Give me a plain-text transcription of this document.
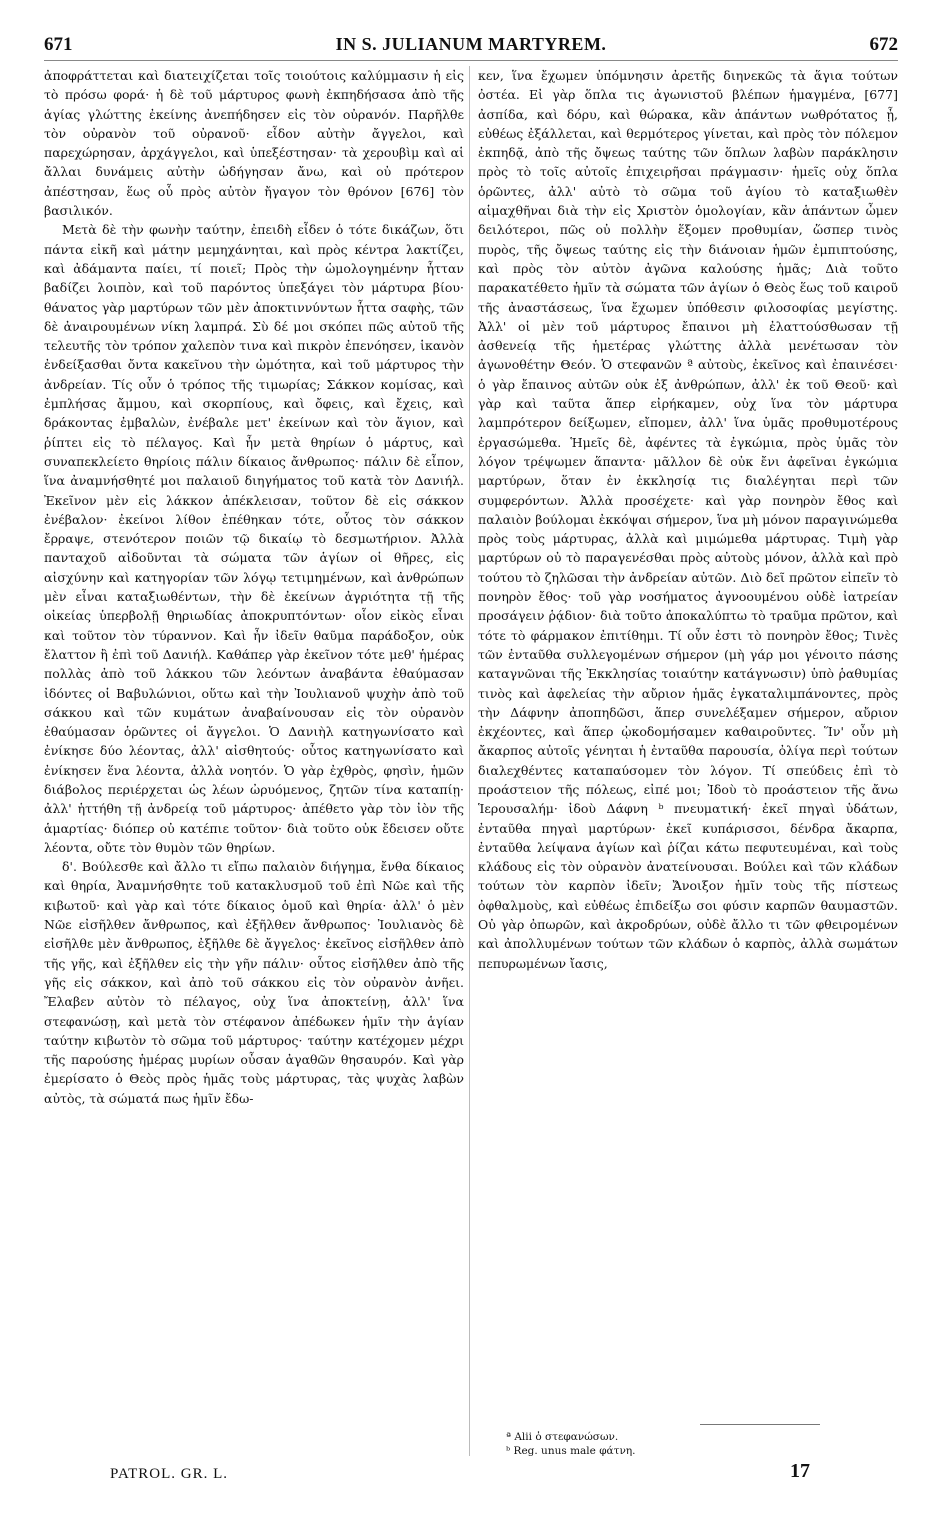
671	IN S. JULIANUM MARTYREM.	672

ἀποφράττεται καὶ διατειχίζεται τοῖς τοιούτοις καλύμμασιν ἡ εἰς τὸ πρόσω φορά· ἡ δὲ τοῦ μάρτυρος φωνὴ ἐκπηδήσασα ἀπὸ τῆς ἁγίας γλώττης ἐκείνης ἀνεπήδησεν εἰς τὸν οὐρανόν. Παρῆλθε τὸν οὐρανὸν τοῦ οὐρανοῦ· εἶδον αὐτὴν ἄγγελοι, καὶ παρεχώρησαν, ἀρχάγγελοι, καὶ ὑπεξέστησαν· τὰ χερουβὶμ καὶ αἱ ἄλλαι δυνάμεις αὐτὴν ὠδήγησαν ἄνω, καὶ οὐ πρότερον ἀπέστησαν, ἕως οὗ πρὸς αὐτὸν ἤγαγον τὸν θρόνον [676] τὸν βασιλικόν.

Μετὰ δὲ τὴν φωνὴν ταύτην, ἐπειδὴ εἶδεν ὁ τότε δικάζων, ὅτι πάντα εἰκῆ καὶ μάτην μεμηχάνηται, καὶ πρὸς κέντρα λακτίζει, καὶ ἀδάμαντα παίει, τί ποιεῖ; Πρὸς τὴν ὡμολογημένην ἧτταν βαδίζει λοιπὸν, καὶ τοῦ παρόντος ὑπεξάγει τὸν μάρτυρα βίου· θάνατος γὰρ μαρτύρων τῶν μὲν ἀποκτιννύντων ἧττα σαφὴς, τῶν δὲ ἀναιρουμένων νίκη λαμπρά. Σὺ δέ μοι σκόπει πῶς αὐτοῦ τῆς τελευτῆς τὸν τρόπον χαλεπὸν τινα καὶ πικρὸν ἐπενόησεν, ἱκανὸν ἐνδείξασθαι ὄντα κακεῖνου τὴν ὠμότητα, καὶ τοῦ μάρτυρος τὴν ἀνδρείαν. Τίς οὖν ὁ τρόπος τῆς τιμωρίας; Σάκκον κομίσας, καὶ ἐμπλήσας ἄμμου, καὶ σκορπίους, καὶ ὄφεις, καὶ ἔχεις, καὶ δράκοντας ἐμβαλὼν, ἐνέβαλε μετ' ἐκείνων καὶ τὸν ἅγιον, καὶ ῥίπτει εἰς τὸ πέλαγος. Καὶ ἦν μετὰ θηρίων ὁ μάρτυς, καὶ συναπεκλείετο θηρίοις πάλιν δίκαιος ἄνθρωπος· πάλιν δὲ εἶπον, ἵνα ἀναμνήσθητέ μοι παλαιοῦ διηγήματος τοῦ κατὰ τὸν Δανιήλ. Ἐκεῖνον μὲν εἰς λάκκον ἀπέκλεισαν, τοῦτον δὲ εἰς σάκκον ἐνέβαλον· ἐκείνοι λίθον ἐπέθηκαν τότε, οὗτος τὸν σάκκον ἔρραψε, στενότερον ποιῶν τῷ δικαίῳ τὸ δεσμωτήριον. Ἀλλὰ πανταχοῦ αἰδοῦνται τὰ σώματα τῶν ἁγίων οἱ θῆρες, εἰς αἰσχύνην καὶ κατηγορίαν τῶν λόγῳ τετιμημένων, καὶ ἀνθρώπων μὲν εἶναι καταξιωθέντων, τὴν δὲ ἐκείνων ἀγριότητα τῇ τῆς οἰκείας ὑπερβολῇ θηριωδίας ἀποκρυπτόντων· οἷον εἰκὸς εἶναι καὶ τοῦτον τὸν τύραννον. Καὶ ἦν ἰδεῖν θαῦμα παράδοξον, οὐκ ἔλαττον ἢ ἐπὶ τοῦ Δανιήλ. Καθάπερ γὰρ ἐκεῖνον τότε μεθ' ἡμέρας πολλὰς ἀπὸ τοῦ λάκκου τῶν λεόντων ἀναβάντα ἐθαύμασαν ἰδόντες οἱ Βαβυλώνιοι, οὕτω καὶ τὴν Ἰουλιανοῦ ψυχὴν ἀπὸ τοῦ σάκκου καὶ τῶν κυμάτων ἀναβαίνουσαν εἰς τὸν οὐρανὸν ἐθαύμασαν ὁρῶντες οἱ ἄγγελοι. Ὁ Δανιὴλ κατηγωνίσατο καὶ ἐνίκησε δύο λέοντας, ἀλλ' αἰσθητούς· οὗτος κατηγωνίσατο καὶ ἐνίκησεν ἕνα λέοντα, ἀλλὰ νοητόν. Ὁ γὰρ ἐχθρὸς, φησὶν, ἡμῶν διάβολος περιέρχεται ὡς λέων ὠρυόμενος, ζητῶν τίνα καταπίῃ· ἀλλ' ἡττήθη τῇ ἀνδρείᾳ τοῦ μάρτυρος· ἀπέθετο γὰρ τὸν ἰὸν τῆς ἁμαρτίας· διόπερ οὐ κατέπιε τοῦτον· διὰ τοῦτο οὐκ ἔδεισεν οὔτε λέοντα, οὔτε τὸν θυμὸν τῶν θηρίων.

δ'. Βούλεσθε καὶ ἄλλο τι εἴπω παλαιὸν διήγημα, ἔνθα δίκαιος καὶ θηρία, Ἀναμνήσθητε τοῦ κατακλυσμοῦ τοῦ ἐπὶ Νῶε καὶ τῆς κιβωτοῦ· καὶ γὰρ καὶ τότε δίκαιος ὁμοῦ καὶ θηρία· ἀλλ' ὁ μὲν Νῶε εἰσῆλθεν ἄνθρωπος, καὶ ἐξῆλθεν ἄνθρωπος· Ἰουλιανὸς δὲ εἰσῆλθε μὲν ἄνθρωπος, ἐξῆλθε δὲ ἄγγελος· ἐκεῖνος εἰσῆλθεν ἀπὸ τῆς γῆς, καὶ ἐξῆλθεν εἰς τὴν γῆν πάλιν· οὗτος εἰσῆλθεν ἀπὸ τῆς γῆς εἰς σάκκον, καὶ ἀπὸ τοῦ σάκκου εἰς τὸν οὐρανὸν ἀνῆει. Ἔλαβεν αὐτὸν τὸ πέλαγος, οὐχ ἵνα ἀποκτείνῃ, ἀλλ' ἵνα στεφανώσῃ, καὶ μετὰ τὸν στέφανον ἀπέδωκεν ἡμῖν τὴν ἁγίαν ταύτην κιβωτὸν τὸ σῶμα τοῦ μάρτυρος· ταύτην κατέχομεν μέχρι τῆς παρούσης ἡμέρας μυρίων οὖσαν ἀγαθῶν θησαυρόν. Καὶ γὰρ ἐμερίσατο ὁ Θεὸς πρὸς ἡμᾶς τοὺς μάρτυρας, τὰς ψυχὰς λαβὼν αὐτὸς, τὰ σώματά πως ἡμῖν ἔδω-

κεν, ἵνα ἔχωμεν ὑπόμνησιν ἀρετῆς διηνεκῶς τὰ ἅγια τούτων ὀστέα. Εἰ γὰρ ὅπλα τις ἀγωνιστοῦ βλέπων ἡμαγμένα, [677] ἀσπίδα, καὶ δόρυ, καὶ θώρακα, κἂν ἁπάντων νωθρότατος ᾖ, εὐθέως ἐξάλλεται, καὶ θερμότερος γίνεται, καὶ πρὸς τὸν πόλεμον ἐκπηδᾷ, ἀπὸ τῆς ὄψεως ταύτης τῶν ὅπλων λαβὼν παράκλησιν πρὸς τὸ τοῖς αὐτοῖς ἐπιχειρῆσαι πράγμασιν· ἡμεῖς οὐχ ὅπλα ὁρῶντες, ἀλλ' αὐτὸ τὸ σῶμα τοῦ ἁγίου τὸ καταξιωθὲν αἱμαχθῆναι διὰ τὴν εἰς Χριστὸν ὁμολογίαν, κἂν ἁπάντων ὦμεν δειλότεροι, πῶς οὐ πολλὴν ἕξομεν προθυμίαν, ὥσπερ τινὸς πυρὸς, τῆς ὄψεως ταύτης εἰς τὴν διάνοιαν ἡμῶν ἐμπιπτούσης, καὶ πρὸς τὸν αὐτὸν ἀγῶνα καλούσης ἡμᾶς; Διὰ τοῦτο παρακατέθετο ἡμῖν τὰ σώματα τῶν ἁγίων ὁ Θεὸς ἕως τοῦ καιροῦ τῆς ἀναστάσεως, ἵνα ἔχωμεν ὑπόθεσιν φιλοσοφίας μεγίστης. Ἀλλ' οἱ μὲν τοῦ μάρτυρος ἔπαινοι μὴ ἐλαττούσθωσαν τῇ ἀσθενείᾳ τῆς ἡμετέρας γλώττης ἀλλὰ μενέτωσαν τὸν ἀγωνοθέτην Θεόν. Ὁ στεφανῶν ª αὐτοὺς, ἐκεῖνος καὶ ἐπαινέσει· ὁ γὰρ ἔπαινος αὐτῶν οὐκ ἐξ ἀνθρώπων, ἀλλ' ἐκ τοῦ Θεοῦ· καὶ γὰρ καὶ ταῦτα ἅπερ εἰρήκαμεν, οὐχ ἵνα τὸν μάρτυρα λαμπρότερον δείξωμεν, εἴπομεν, ἀλλ' ἵνα ὑμᾶς προθυμοτέρους ἐργασώμεθα. Ἡμεῖς δὲ, ἀφέντες τὰ ἐγκώμια, πρὸς ὑμᾶς τὸν λόγον τρέψωμεν ἅπαντα· μᾶλλον δὲ οὐκ ἔνι ἀφεῖναι ἐγκώμια μαρτύρων, ὅταν ἐν ἐκκλησίᾳ τις διαλέγηται περὶ τῶν συμφερόντων. Ἀλλὰ προσέχετε· καὶ γὰρ πονηρὸν ἔθος καὶ παλαιὸν βούλομαι ἐκκόψαι σήμερον, ἵνα μὴ μόνον παραγινώμεθα πρὸς τοὺς μάρτυρας, ἀλλὰ καὶ μιμώμεθα μάρτυρας. Τιμὴ γὰρ μαρτύρων οὐ τὸ παραγενέσθαι πρὸς αὐτοὺς μόνον, ἀλλὰ καὶ πρὸ τούτου τὸ ζηλῶσαι τὴν ἀνδρείαν αὐτῶν. Διὸ δεῖ πρῶτον εἰπεῖν τὸ πονηρὸν ἔθος· τοῦ γὰρ νοσήματος ἀγνοουμένου οὐδὲ ἰατρείαν προσάγειν ῥᾴδιον· διὰ τοῦτο ἀποκαλύπτω τὸ τραῦμα πρῶτον, καὶ τότε τὸ φάρμακον ἐπιτίθημι. Τί οὖν ἐστι τὸ πονηρὸν ἔθος; Τινὲς τῶν ἐνταῦθα συλλεγομένων σήμερον (μὴ γάρ μοι γένοιτο πάσης καταγνῶναι τῆς Ἐκκλησίας τοιαύτην κατάγνωσιν) ὑπὸ ῥαθυμίας τινὸς καὶ ἀφελείας τὴν αὔριον ἡμᾶς ἐγκαταλιμπάνοντες, πρὸς τὴν Δάφνην ἀποπηδῶσι, ἅπερ συνελέξαμεν σήμερον, αὔριον ἐκχέοντες, καὶ ἅπερ ᾠκοδομήσαμεν καθαιροῦντες. Ἵν' οὖν μὴ ἄκαρπος αὐτοῖς γένηται ἡ ἐνταῦθα παρουσία, ὀλίγα περὶ τούτων διαλεχθέντες καταπαύσομεν τὸν λόγον. Τί σπεύδεις ἐπὶ τὸ προάστειον τῆς πόλεως, εἰπέ μοι; Ἰδοὺ τὸ προάστειον τῆς ἄνω Ἱερουσαλήμ· ἰδοὺ Δάφνη ᵇ πνευματική· ἐκεῖ πηγαὶ ὑδάτων, ἐνταῦθα πηγαὶ μαρτύρων· ἐκεῖ κυπάρισσοι, δένδρα ἄκαρπα, ἐνταῦθα λείψανα ἁγίων καὶ ῥίζαι κάτω πεφυτευμέναι, καὶ τοὺς κλάδους εἰς τὸν οὐρανὸν ἀνατείνουσαι. Βούλει καὶ τῶν κλάδων τούτων τὸν καρπὸν ἰδεῖν; Ἄνοιξον ἡμῖν τοὺς τῆς πίστεως ὀφθαλμοὺς, καὶ εὐθέως ἐπιδείξω σοι φύσιν καρπῶν θαυμαστῶν. Οὐ γὰρ ὀπωρῶν, καὶ ἀκροδρύων, οὐδὲ ἄλλο τι τῶν φθειρομένων καὶ ἀπολλυμένων τούτων τῶν κλάδων ὁ καρπὸς, ἀλλὰ σωμάτων πεπυρωμένων ἴασις,

ª Alii ὁ στεφανώσων.
ᵇ Reg. unus male φάτνη.
PATROL. GR. L.	17
